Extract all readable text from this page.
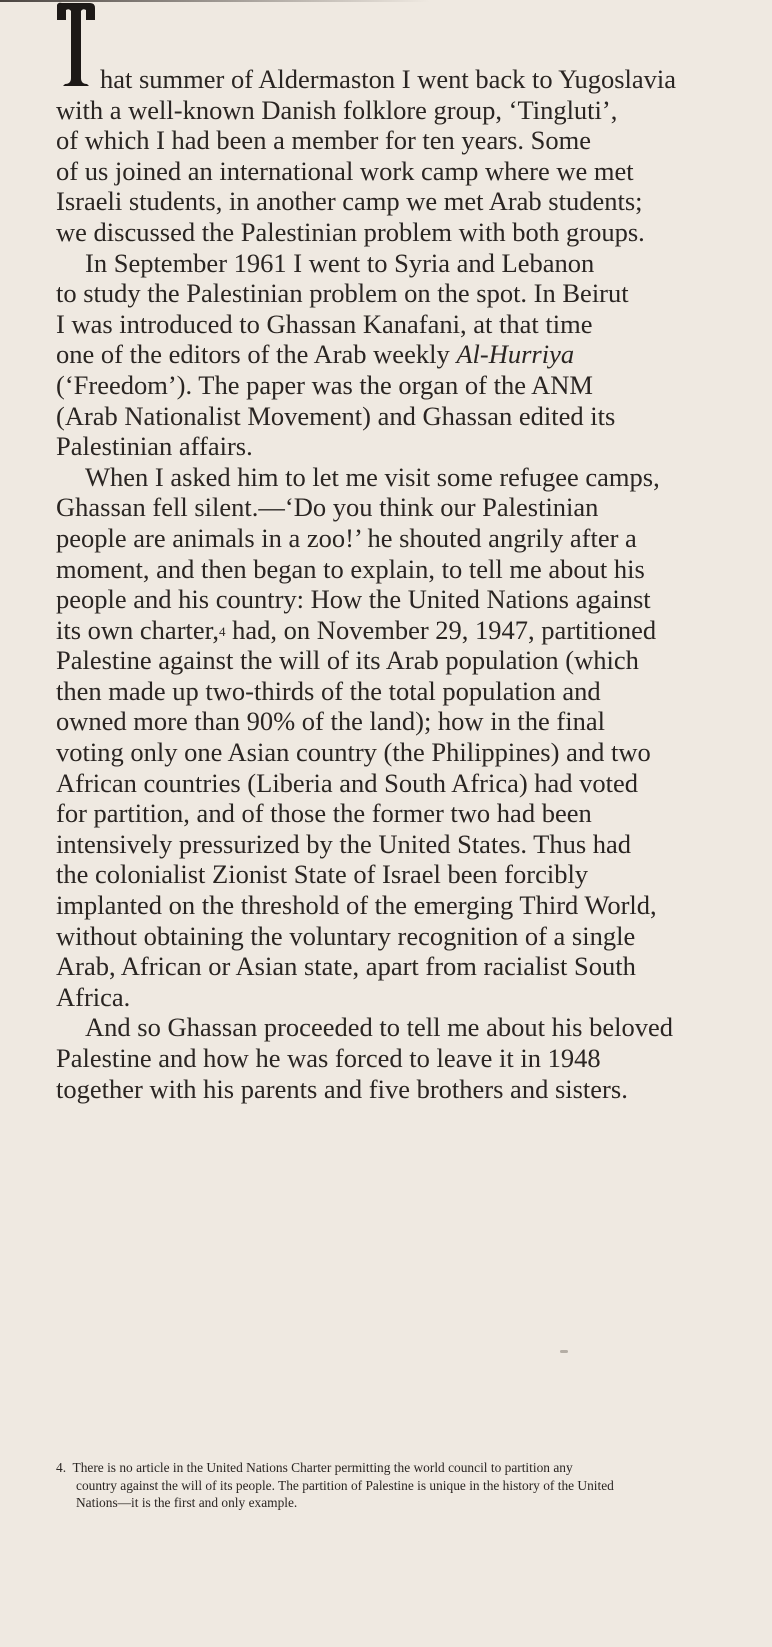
hat summer of Aldermaston I went back to Yugoslavia
with a well-known Danish folklore group, ‘Tingluti’,
of which I had been a member for ten years. Some
of us joined an international work camp where we met
Israeli students, in another camp we met Arab students;
we discussed the Palestinian problem with both groups.
In September 1961 I went to Syria and Lebanon
to study the Palestinian problem on the spot. In Beirut
I was introduced to Ghassan Kanafani, at that time
one of the editors of the Arab weekly Al-Hurriya
(‘Freedom’). The paper was the organ of the ANM
(Arab Nationalist Movement) and Ghassan edited its
Palestinian affairs.
When I asked him to let me visit some refugee camps,
Ghassan fell silent.—‘Do you think our Palestinian
people are animals in a zoo!’ he shouted angrily after a
moment, and then began to explain, to tell me about his
people and his country: How the United Nations against
its own charter,$^4$ had, on November 29, 1947, partitioned
Palestine against the will of its Arab population (which
then made up two-thirds of the total population and
owned more than 90% of the land); how in the final
voting only one Asian country (the Philippines) and two
African countries (Liberia and South Africa) had voted
for partition, and of those the former two had been
intensively pressurized by the United States. Thus had
the colonialist Zionist State of Israel been forcibly
implanted on the threshold of the emerging Third World,
without obtaining the voluntary recognition of a single
Arab, African or Asian state, apart from racialist South
Africa.
And so Ghassan proceeded to tell me about his beloved
Palestine and how he was forced to leave it in 1948
together with his parents and five brothers and sisters.
4. There is no article in the United Nations Charter permitting the world council to partition any
country against the will of its people. The partition of Palestine is unique in the history of the United
Nations—it is the first and only example.
